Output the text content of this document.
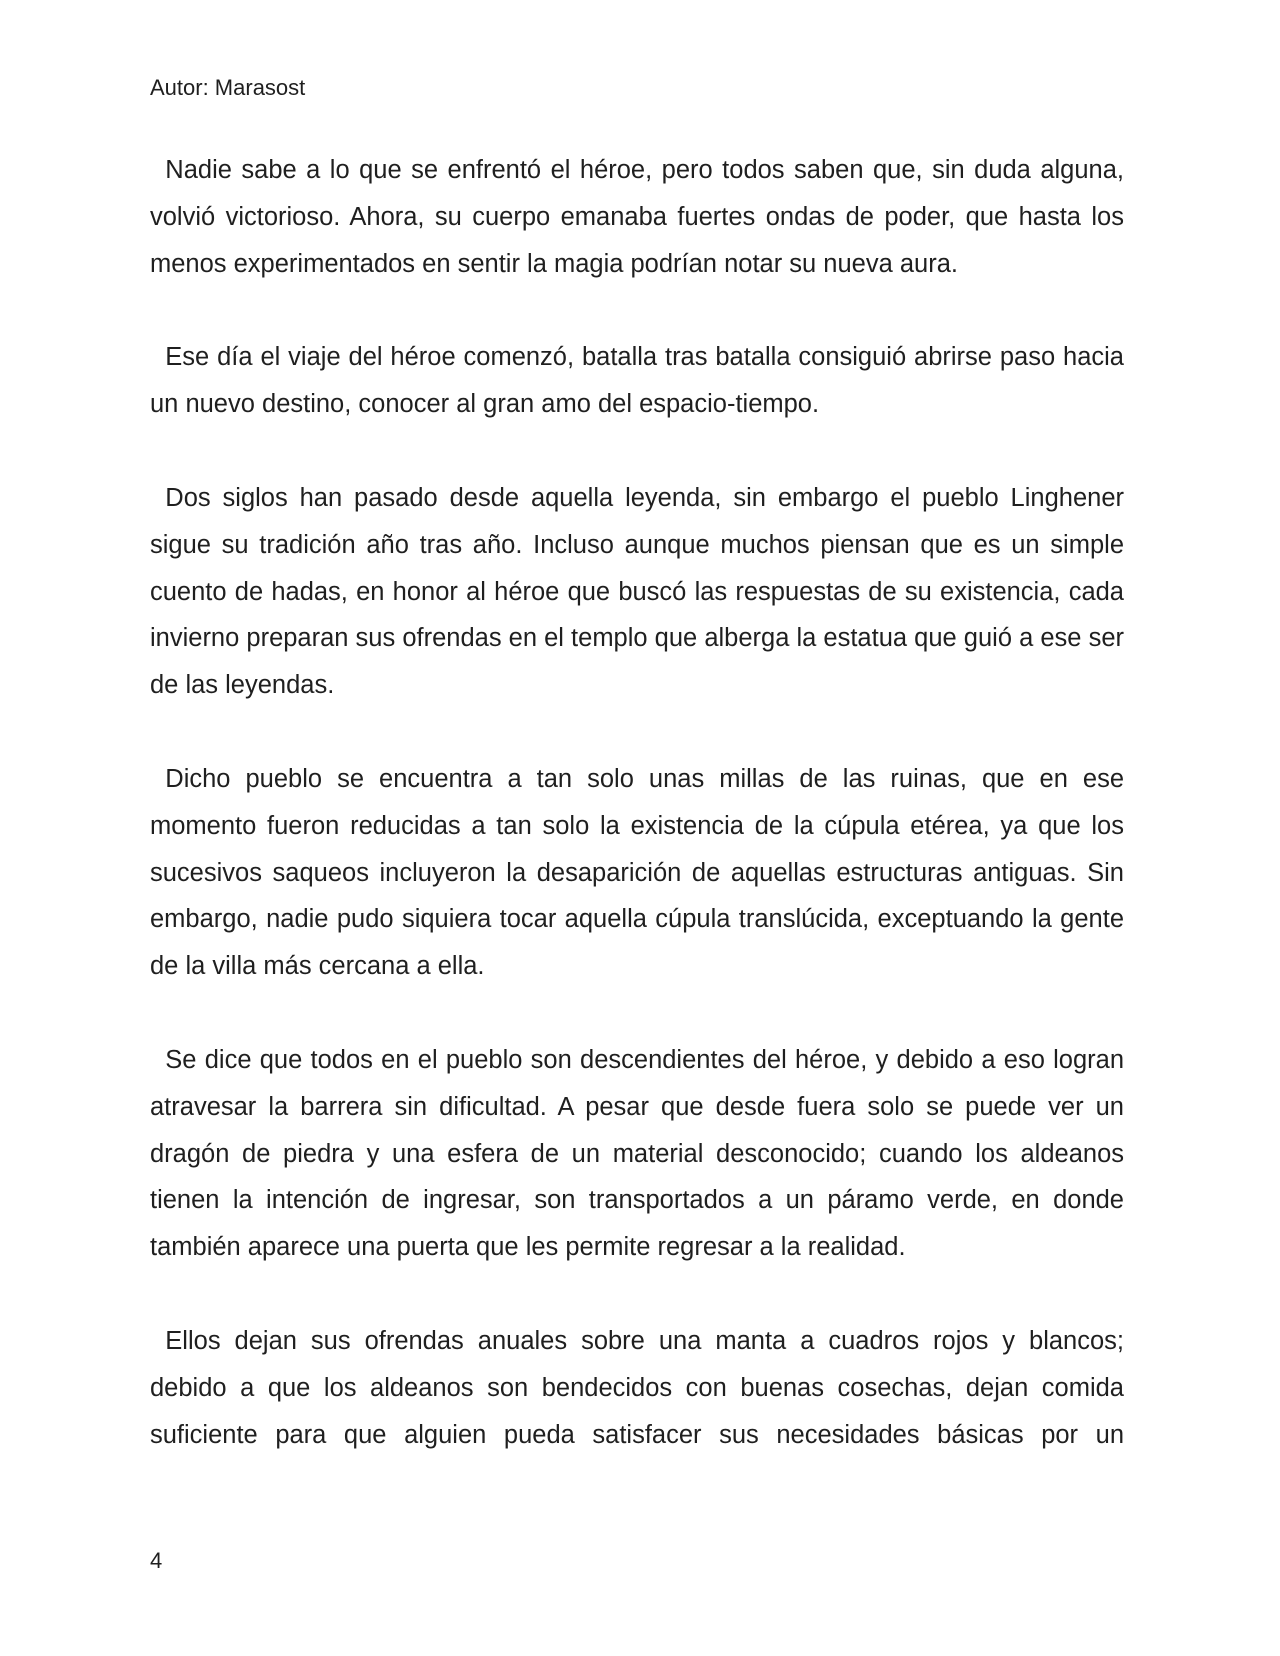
Autor: Marasost

Nadie sabe a lo que se enfrentó el héroe, pero todos saben que, sin duda alguna, volvió victorioso. Ahora, su cuerpo emanaba fuertes ondas de poder, que hasta los menos experimentados en sentir la magia podrían notar su nueva aura.

Ese día el viaje del héroe comenzó, batalla tras batalla consiguió abrirse paso hacia un nuevo destino, conocer al gran amo del espacio-tiempo.

Dos siglos han pasado desde aquella leyenda, sin embargo el pueblo Linghener sigue su tradición año tras año. Incluso aunque muchos piensan que es un simple cuento de hadas, en honor al héroe que buscó las respuestas de su existencia, cada invierno preparan sus ofrendas en el templo que alberga la estatua que guió a ese ser de las leyendas.

Dicho pueblo se encuentra a tan solo unas millas de las ruinas, que en ese momento fueron reducidas a tan solo la existencia de la cúpula etérea, ya que los sucesivos saqueos incluyeron la desaparición de aquellas estructuras antiguas. Sin embargo, nadie pudo siquiera tocar aquella cúpula translúcida, exceptuando la gente de la villa más cercana a ella.

Se dice que todos en el pueblo son descendientes del héroe, y debido a eso logran atravesar la barrera sin dificultad. A pesar que desde fuera solo se puede ver un dragón de piedra y una esfera de un material desconocido; cuando los aldeanos tienen la intención de ingresar, son transportados a un páramo verde, en donde también aparece una puerta que les permite regresar a la realidad.

Ellos dejan sus ofrendas anuales sobre una manta a cuadros rojos y blancos; debido a que los aldeanos son bendecidos con buenas cosechas, dejan comida suficiente para que alguien pueda satisfacer sus necesidades básicas por un

4
